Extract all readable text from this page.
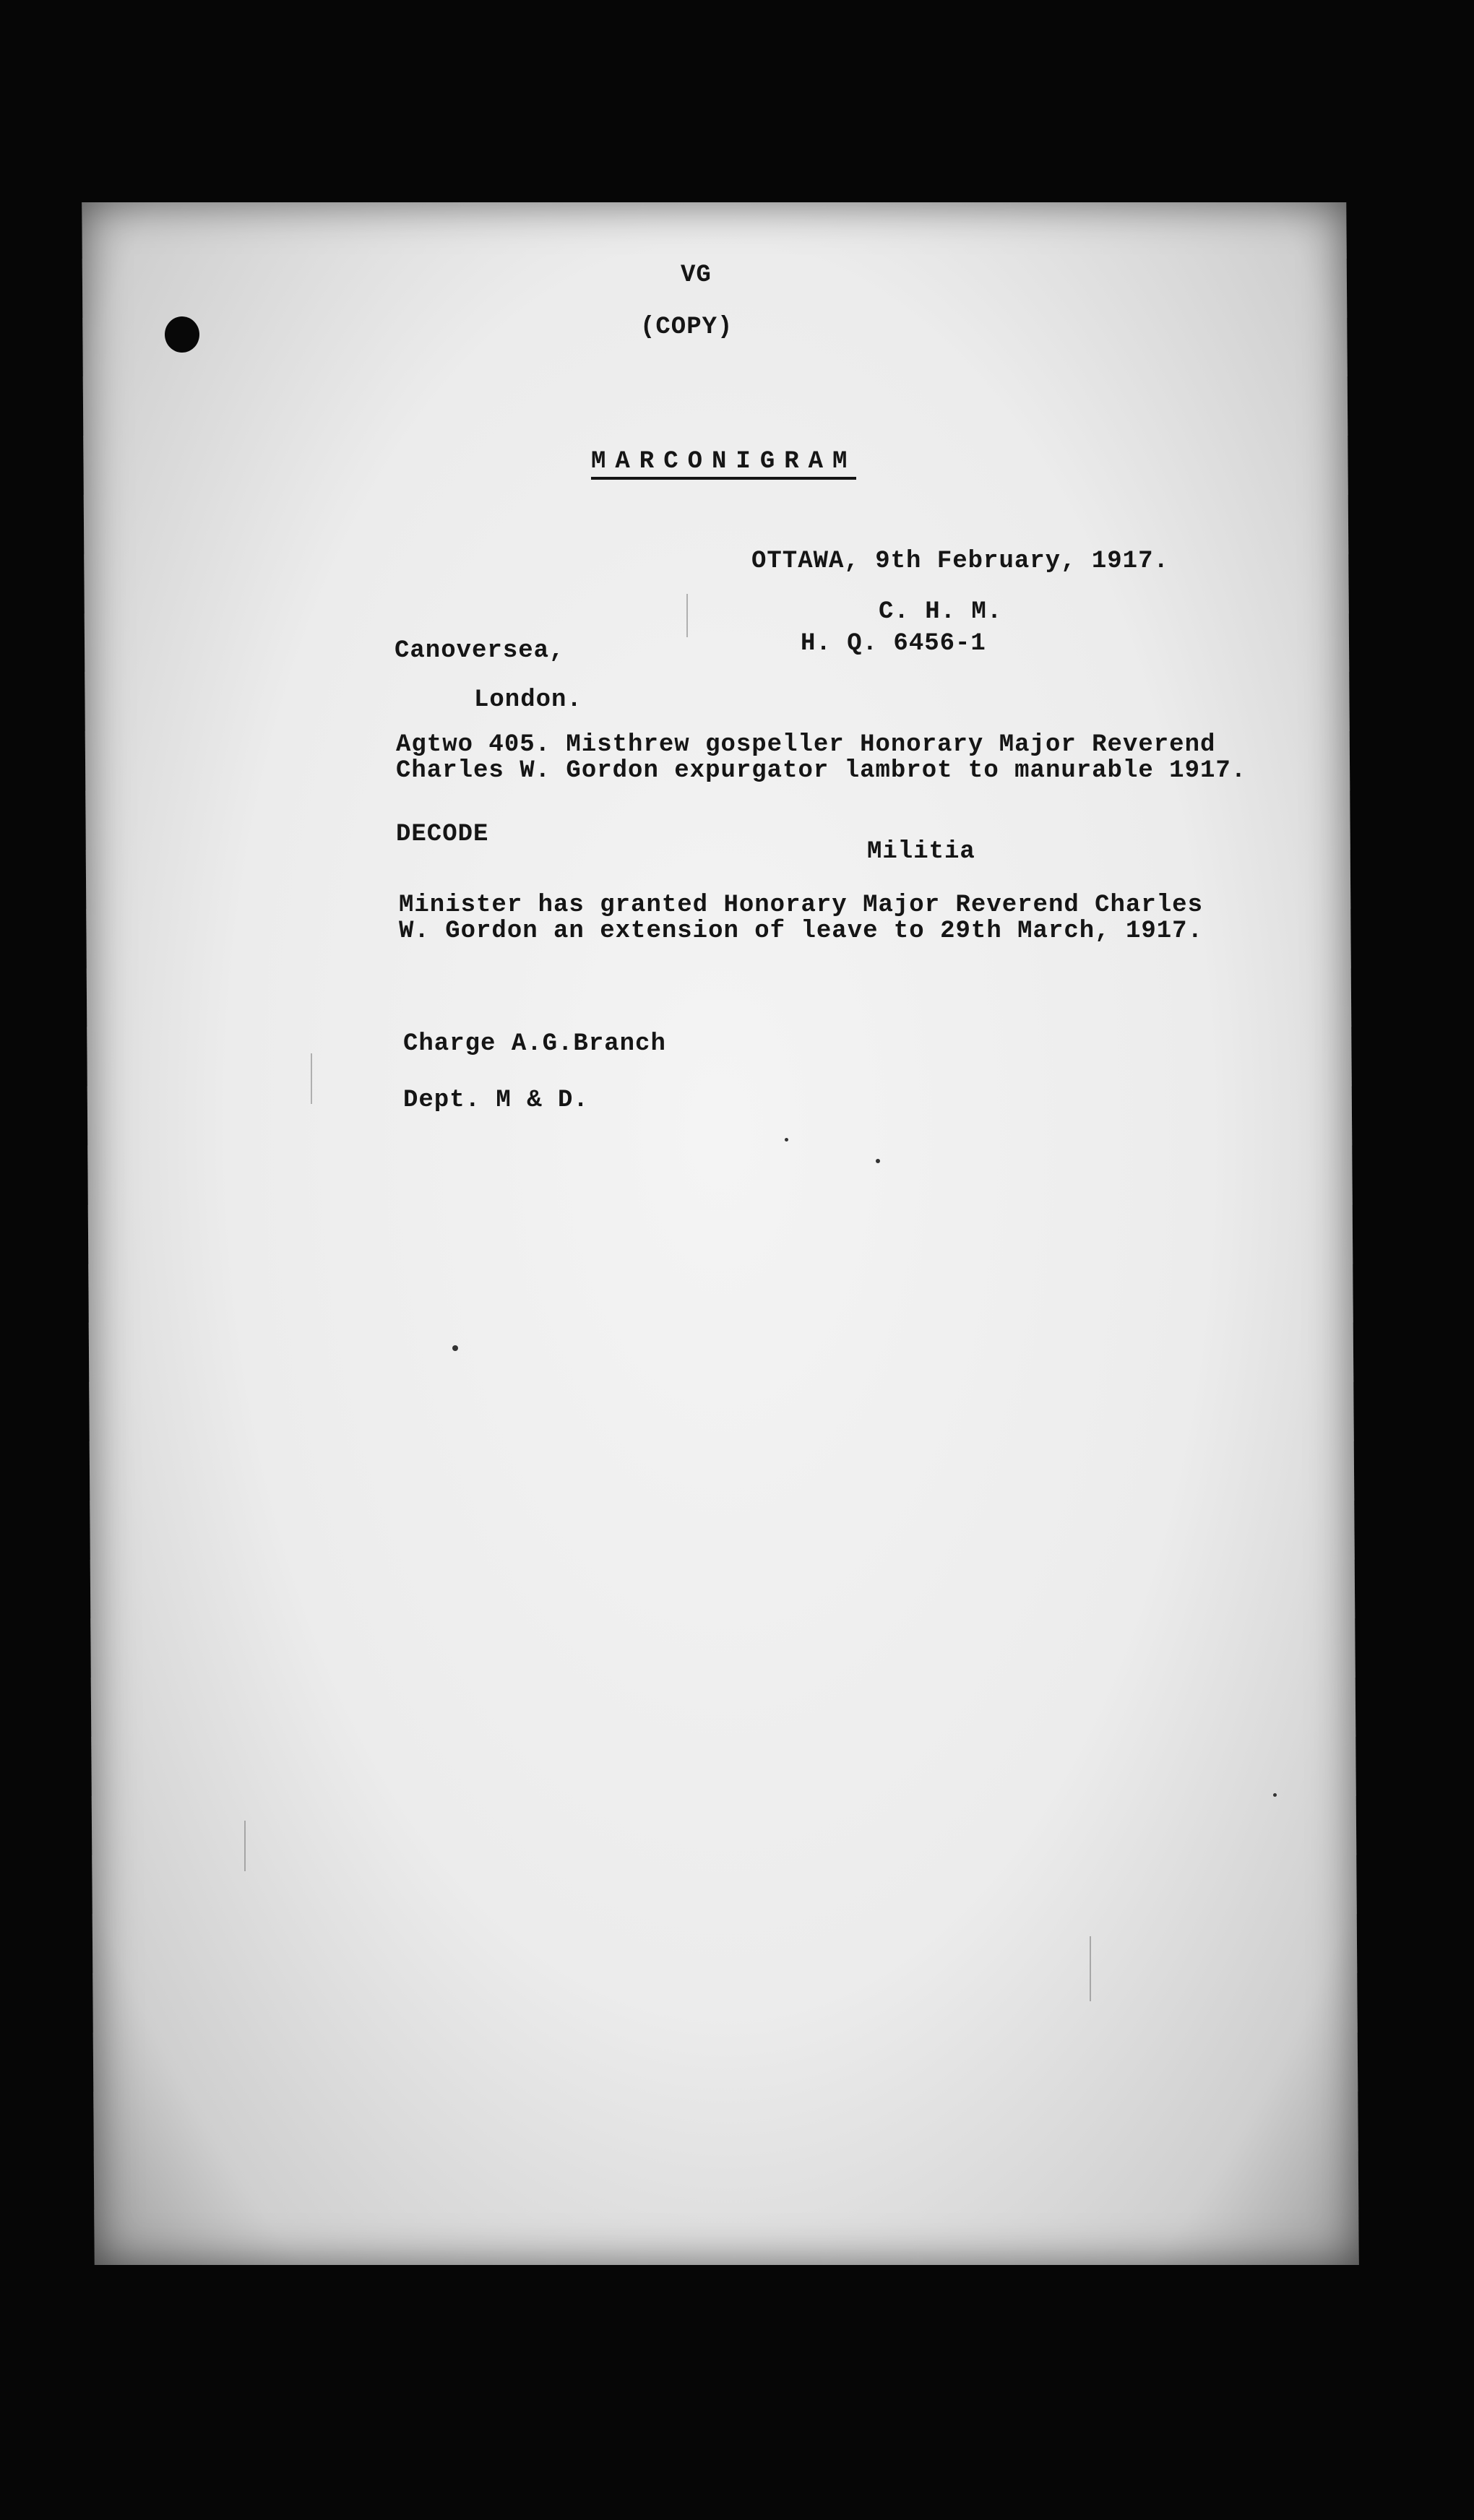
VG
(COPY)
MARCONIGRAM
OTTAWA, 9th February, 1917.
C. H. M.
H. Q. 6456-1
Canoversea,
London.
Agtwo 405. Misthrew gospeller Honorary Major Reverend
Charles W. Gordon expurgator lambrot to manurable 1917.
DECODE
Militia
Minister has granted Honorary Major Reverend Charles
W. Gordon an extension of leave to 29th March, 1917.
Charge A.G.Branch
Dept. M & D.
